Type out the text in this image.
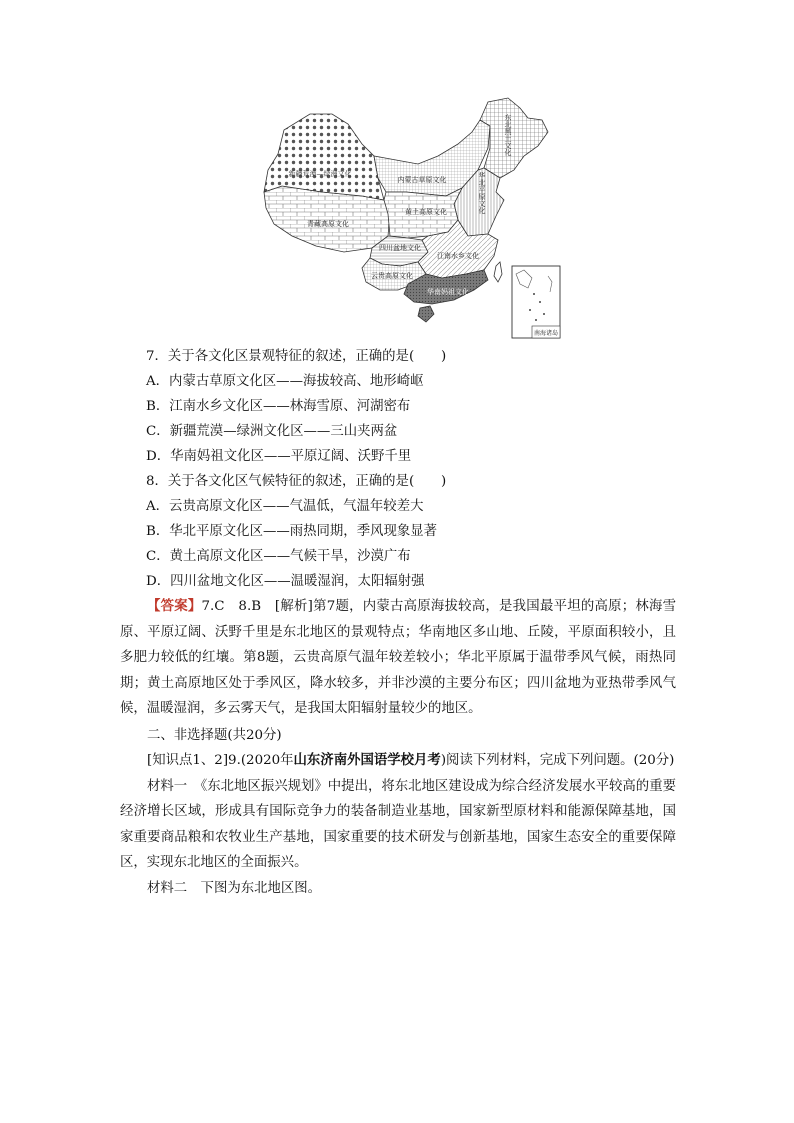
南海诸岛
新疆荒漠—绿洲文化
内蒙古草原文化
青藏高原文化
黄土高原文化
四川盆地文化
江南水乡文化
云贵高原文化
华南妈祖文化
东北黑土文化
华北平原文化
7．关于各文化区景观特征的叙述，正确的是(　　)
A．内蒙古草原文化区——海拔较高、地形崎岖
B．江南水乡文化区——林海雪原、河湖密布
C．新疆荒漠—绿洲文化区——三山夹两盆
D．华南妈祖文化区——平原辽阔、沃野千里
8．关于各文化区气候特征的叙述，正确的是(　　)
A．云贵高原文化区——气温低，气温年较差大
B．华北平原文化区——雨热同期，季风现象显著
C．黄土高原文化区——气候干旱，沙漠广布
D．四川盆地文化区——温暖湿润，太阳辐射强
【答案】7.C　8.B　[解析]第7题，内蒙古高原海拔较高，是我国最平坦的高原；林海雪原、平原辽阔、沃野千里是东北地区的景观特点；华南地区多山地、丘陵，平原面积较小，且多肥力较低的红壤。第8题，云贵高原气温年较差较小；华北平原属于温带季风气候，雨热同期；黄土高原地区处于季风区，降水较多，并非沙漠的主要分布区；四川盆地为亚热带季风气候，温暖湿润，多云雾天气，是我国太阳辐射量较少的地区。
二、非选择题(共20分)
[知识点1、2]9.(2020年山东济南外国语学校月考)阅读下列材料，完成下列问题。(20分)
材料一　《东北地区振兴规划》中提出，将东北地区建设成为综合经济发展水平较高的重要经济增长区域，形成具有国际竞争力的装备制造业基地，国家新型原材料和能源保障基地，国家重要商品粮和农牧业生产基地，国家重要的技术研发与创新基地，国家生态安全的重要保障区，实现东北地区的全面振兴。
材料二　下图为东北地区图。
